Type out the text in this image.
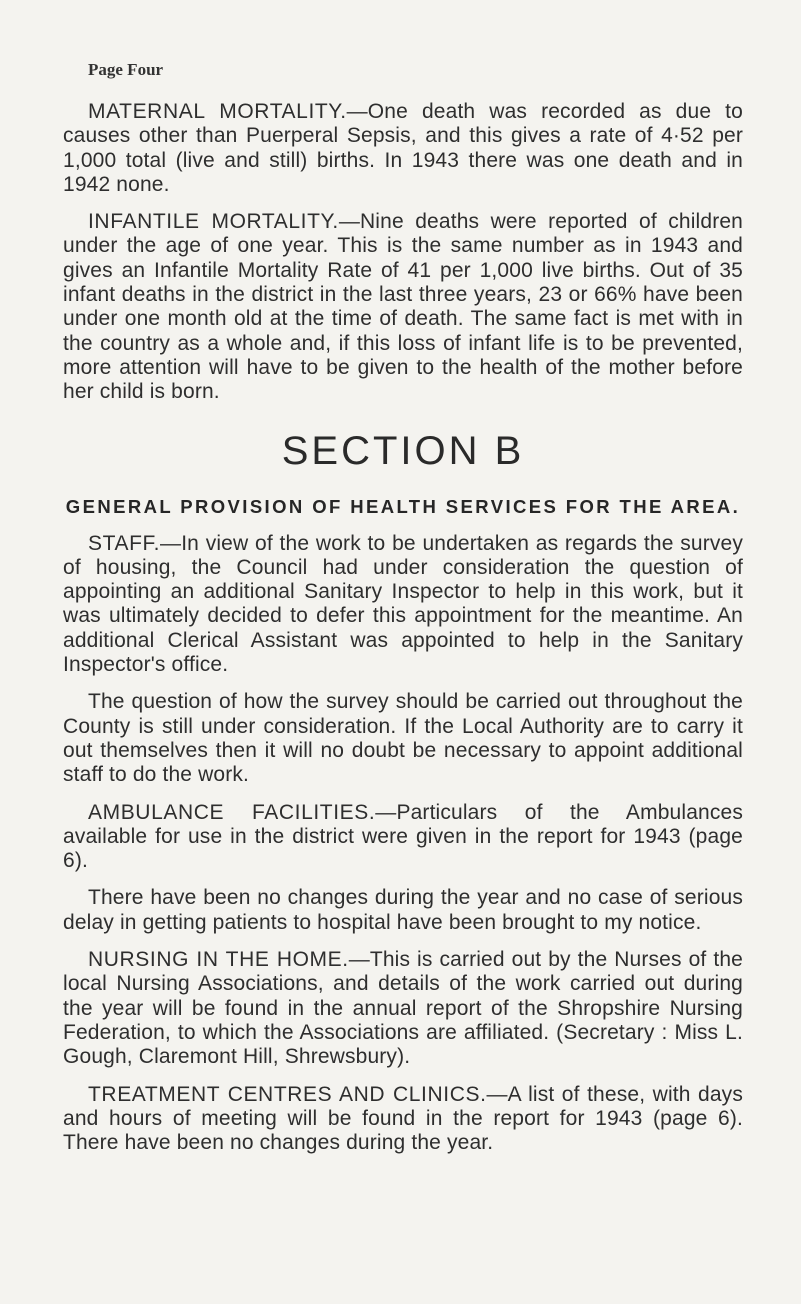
Page Four

MATERNAL MORTALITY.—One death was recorded as due to causes other than Puerperal Sepsis, and this gives a rate of 4·52 per 1,000 total (live and still) births. In 1943 there was one death and in 1942 none.

INFANTILE MORTALITY.—Nine deaths were reported of children under the age of one year. This is the same number as in 1943 and gives an Infantile Mortality Rate of 41 per 1,000 live births. Out of 35 infant deaths in the district in the last three years, 23 or 66% have been under one month old at the time of death. The same fact is met with in the country as a whole and, if this loss of infant life is to be prevented, more attention will have to be given to the health of the mother before her child is born.

SECTION B
GENERAL PROVISION OF HEALTH SERVICES FOR THE AREA.

STAFF.—In view of the work to be undertaken as regards the survey of housing, the Council had under consideration the question of appointing an additional Sanitary Inspector to help in this work, but it was ultimately decided to defer this appointment for the meantime. An additional Clerical Assistant was appointed to help in the Sanitary Inspector's office.

The question of how the survey should be carried out throughout the County is still under consideration. If the Local Authority are to carry it out themselves then it will no doubt be necessary to appoint additional staff to do the work.

AMBULANCE FACILITIES.—Particulars of the Ambulances available for use in the district were given in the report for 1943 (page 6).

There have been no changes during the year and no case of serious delay in getting patients to hospital have been brought to my notice.

NURSING IN THE HOME.—This is carried out by the Nurses of the local Nursing Associations, and details of the work carried out during the year will be found in the annual report of the Shropshire Nursing Federation, to which the Associations are affiliated. (Secretary : Miss L. Gough, Claremont Hill, Shrewsbury).

TREATMENT CENTRES AND CLINICS.—A list of these, with days and hours of meeting will be found in the report for 1943 (page 6). There have been no changes during the year.
